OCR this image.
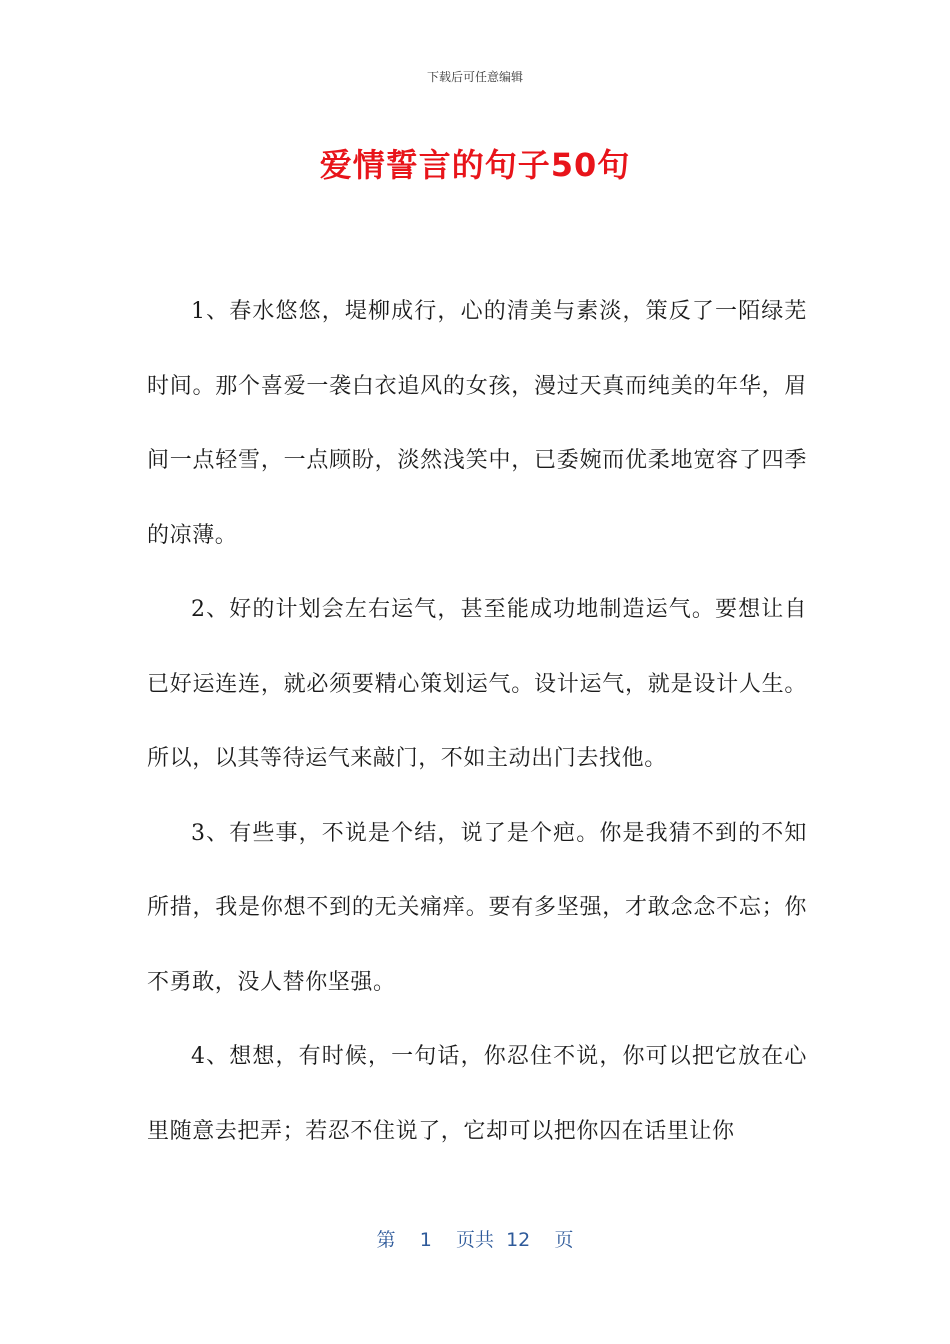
下载后可任意编辑
爱情誓言的句子50句

1、春水悠悠，堤柳成行，心的清美与素淡，策反了一陌绿芜时间。那个喜爱一袭白衣追风的女孩，漫过天真而纯美的年华，眉间一点轻雪，一点顾盼，淡然浅笑中，已委婉而优柔地宽容了四季的凉薄。

2、好的计划会左右运气，甚至能成功地制造运气。要想让自已好运连连，就必须要精心策划运气。设计运气，就是设计人生。所以，以其等待运气来敲门，不如主动出门去找他。

3、有些事，不说是个结，说了是个疤。你是我猜不到的不知所措，我是你想不到的无关痛痒。要有多坚强，才敢念念不忘；你不勇敢，没人替你坚强。

4、想想，有时候，一句话，你忍住不说，你可以把它放在心里随意去把弄；若忍不住说了，它却可以把你囚在话里让你

第 1 页共 12 页
